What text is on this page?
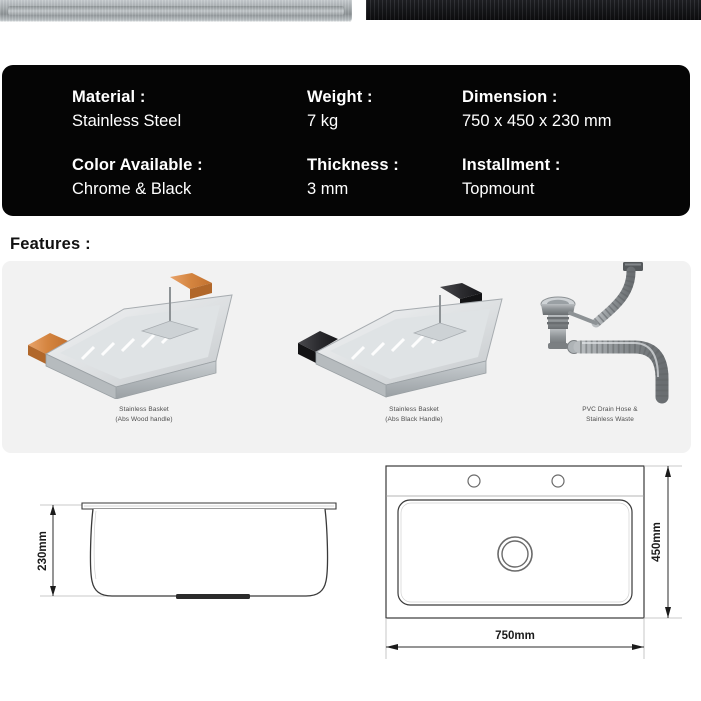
Material :
Stainless Steel
Weight :
7 kg
Dimension :
750 x 450 x 230 mm
Color Available :
Chrome & Black
Thickness :
3 mm
Installment :
Topmount
Features :
Stainless Basket
(Abs Wood handle)
Stainless Basket
(Abs Black Handle)
PVC Drain Hose &
Stainless Waste
230mm	450mm
750mm
